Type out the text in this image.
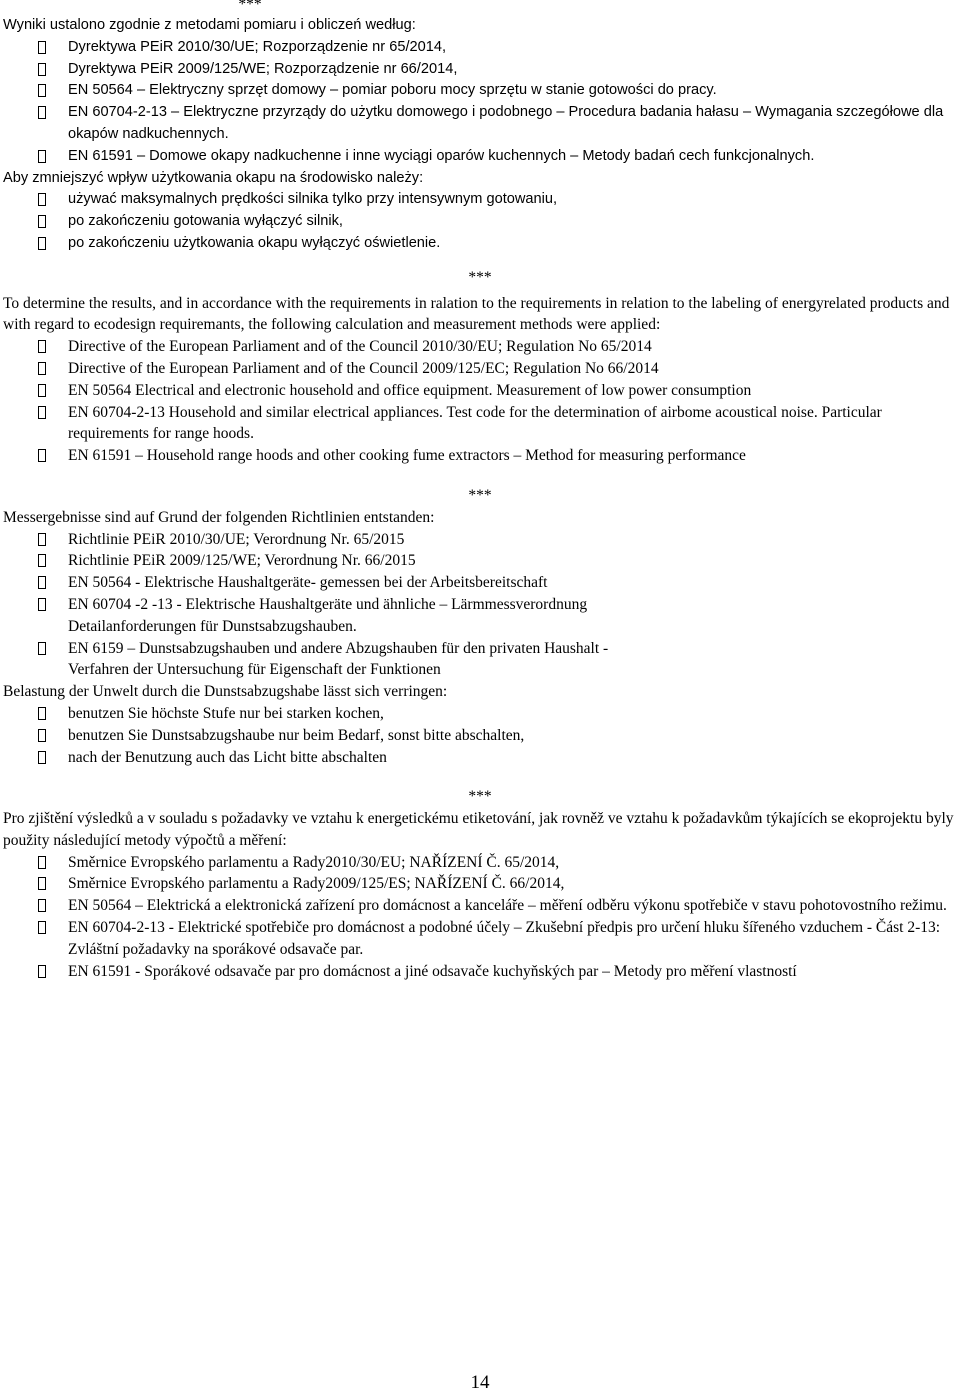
***

Wyniki ustalono zgodnie z metodami pomiaru i obliczeń według:

Dyrektywa PEiR 2010/30/UE; Rozporządzenie nr 65/2014,
Dyrektywa PEiR 2009/125/WE; Rozporządzenie nr 66/2014,
EN 50564 – Elektryczny sprzęt domowy – pomiar poboru mocy sprzętu w stanie gotowości do pracy.
EN 60704-2-13 – Elektryczne przyrządy do użytku domowego i podobnego – Procedura badania hałasu – Wymagania szczegółowe dla okapów nadkuchennych.
EN 61591 – Domowe okapy nadkuchenne i inne wyciągi oparów kuchennych – Metody badań cech funkcjonalnych.

Aby zmniejszyć wpływ użytkowania okapu na środowisko należy:

używać maksymalnych prędkości silnika tylko przy intensywnym gotowaniu,
po zakończeniu gotowania wyłączyć silnik,
po zakończeniu użytkowania okapu wyłączyć oświetlenie.
***

To determine the results, and in accordance with the requirements in ralation to the requirements in relation to the labeling of energyrelated products and with regard to ecodesign requiremants, the following calculation and measurement methods were applied:

Directive of the European Parliament and of the Council 2010/30/EU; Regulation No 65/2014
Directive of the European Parliament and of the Council 2009/125/EC; Regulation No 66/2014
EN 50564 Electrical and electronic household and office equipment. Measurement of low power consumption
EN 60704-2-13 Household and similar electrical appliances. Test code for the determination of airbome acoustical noise. Particular requirements for range hoods.
EN 61591 – Household range hoods and other cooking fume extractors – Method for measuring performance
***

Messergebnisse sind auf Grund der folgenden Richtlinien entstanden:

Richtlinie PEiR 2010/30/UE; Verordnung Nr. 65/2015
Richtlinie PEiR 2009/125/WE; Verordnung Nr. 66/2015
EN 50564 - Elektrische Haushaltgeräte- gemessen bei der Arbeitsbereitschaft
EN 60704 -2 -13 - Elektrische Haushaltgeräte und ähnliche – Lärmmessverordnung Detailanforderungen für Dunstsabzugshauben.
EN 6159 – Dunstsabzugshauben und andere Abzugshauben für den privaten Haushalt - Verfahren der Untersuchung für Eigenschaft der Funktionen

Belastung der Unwelt durch die Dunstsabzugshabe lässt sich verringen:

benutzen Sie höchste Stufe nur bei starken kochen,
benutzen Sie Dunstsabzugshaube nur beim Bedarf, sonst bitte abschalten,
nach der Benutzung auch das Licht bitte abschalten
***

Pro zjištění výsledků a v souladu s požadavky ve vztahu k energetickému etiketování, jak rovněž ve vztahu k požadavkům týkajících se ekoprojektu byly použity následující metody výpočtů a měření:

Směrnice Evropského parlamentu a Rady2010/30/EU; NAŘÍZENÍ Č. 65/2014,
Směrnice Evropského parlamentu a Rady2009/125/ES; NAŘÍZENÍ Č. 66/2014,
EN 50564 – Elektrická a elektronická zařízení pro domácnost a kanceláře – měření odběru výkonu spotřebiče v stavu pohotovostního režimu.
EN 60704-2-13 - Elektrické spotřebiče pro domácnost a podobné účely – Zkušební předpis pro určení hluku šířeného vzduchem - Část 2-13: Zvláštní požadavky na sporákové odsavače par.
EN 61591 - Sporákové odsavače par pro domácnost a jiné odsavače kuchyňských par – Metody pro měření vlastností
14
